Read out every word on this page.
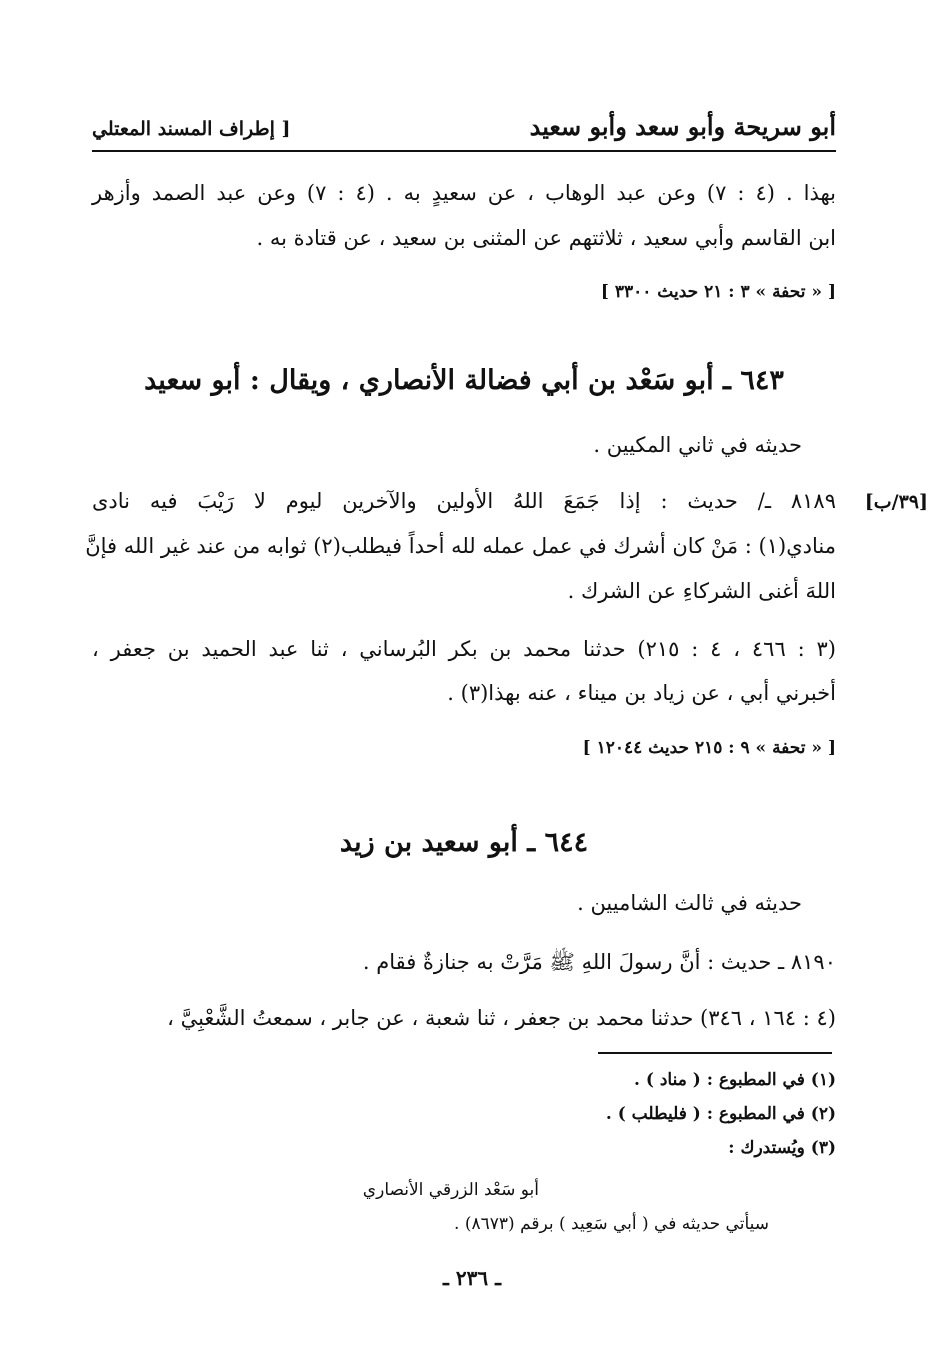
أبو سريحة وأبو سعد وأبو سعيد
[ إطراف المسند المعتلي
بهذا . (٤ : ٧) وعن عبد الوهاب ، عن سعيدٍ به . (٤ : ٧) وعن عبد الصمد وأزهر
ابن القاسم وأبي سعيد ، ثلاثتهم عن المثنى بن سعيد ، عن قتادة به .
[ « تحفة » ٣ : ٢١ حديث ٣٣٠٠ ]
٦٤٣ ـ أبو سَعْد بن أبي فضالة الأنصاري ، ويقال : أبو سعيد
حديثه في ثاني المكيين .
[٣٩/ب]
٨١٨٩ ـ/ حديث : إذا جَمَعَ اللهُ الأولين والآخرين ليوم لا رَيْبَ فيه نادى
منادي(١) : مَنْ كان أشرك في عمل عمله لله أحداً فيطلب(٢) ثوابه من عند غير الله فإنَّ
اللهَ أغنى الشركاءِ عن الشرك .
(٣ : ٤٦٦ ، ٤ : ٢١٥) حدثنا محمد بن بكر البُرساني ، ثنا عبد الحميد بن جعفر ،
أخبرني أبي ، عن زياد بن ميناء ، عنه بهذا(٣) .
[ « تحفة » ٩ : ٢١٥ حديث ١٢٠٤٤ ]
٦٤٤ ـ أبو سعيد بن زيد
حديثه في ثالث الشاميين .
٨١٩٠ ـ حديث : أنَّ رسولَ اللهِ ﷺ مَرَّتْ به جنازةٌ فقام .
(٤ : ١٦٤ ، ٣٤٦) حدثنا محمد بن جعفر ، ثنا شعبة ، عن جابر ، سمعتُ الشَّعْبِيَّ ،
(١) في المطبوع : ( مناد ) .
(٢) في المطبوع : ( فليطلب ) .
(٣) ويُستدرك :
أبو سَعْد الزرقي الأنصاري
سيأتي حديثه في ( أبي سَعِيد ) برقم (٨٦٧٣) .
ـ ٢٣٦ ـ
